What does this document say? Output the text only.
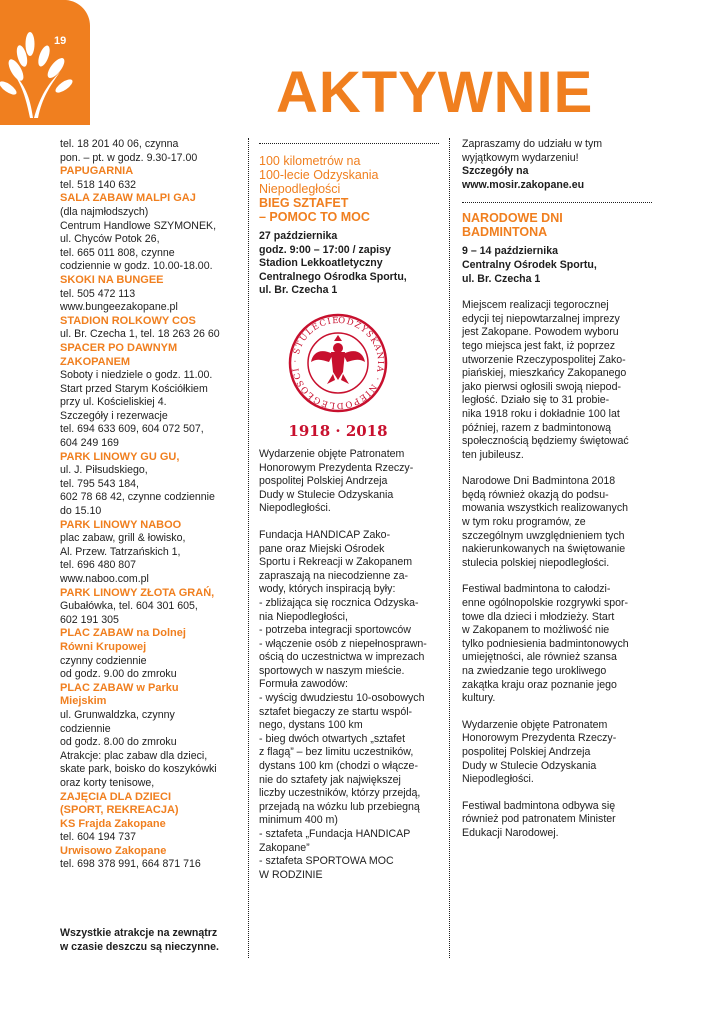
19
AKTYWNIE
tel. 18 201 40 06, czynna
pon. – pt. w godz. 9.30-17.00
PAPUGARNIA
tel. 518 140 632
SALA ZABAW MALPI GAJ
(dla najmłodszych)
Centrum Handlowe SZYMONEK,
ul. Chyców Potok 26,
tel. 665 011 808, czynne
codziennie w godz. 10.00-18.00.
SKOKI NA BUNGEE
tel. 505 472 113
www.bungeezakopane.pl
STADION ROLKOWY COS
ul. Br. Czecha 1, tel. 18 263 26 60
SPACER PO DAWNYM
ZAKOPANEM
Soboty i niedziele o godz. 11.00.
Start przed Starym Kościółkiem
przy ul. Kościeliskiej 4.
Szczegóły i rezerwacje
tel. 694 633 609, 604 072 507,
604 249 169
PARK LINOWY GU GU,
ul. J. Piłsudskiego,
tel. 795 543 184,
602 78 68 42, czynne codziennie
do 15.10
PARK LINOWY NABOO
plac zabaw, grill & łowisko,
Al. Przew. Tatrzańskich 1,
tel. 696 480 807
www.naboo.com.pl
PARK LINOWY ZŁOTA GRAŃ,
Gubałówka, tel. 604 301 605,
602 191 305
PLAC ZABAW na Dolnej
Równi Krupowej
czynny codziennie
od godz. 9.00 do zmroku
PLAC ZABAW w Parku
Miejskim
ul. Grunwaldzka, czynny
codziennie
od godz. 8.00 do zmroku
Atrakcje: plac zabaw dla dzieci,
skate park, boisko do koszykówki
oraz korty tenisowe,
ZAJĘCIA DLA DZIECI
(SPORT, REKREACJA)
KS Frajda Zakopane
tel. 604 194 737
Urwisowo Zakopane
tel. 698 378 991, 664 871 716
Wszystkie atrakcje na zewnątrz
w czasie deszczu są nieczynne.
100 kilometrów na
100-lecie Odzyskania
Niepodległości
BIEG SZTAFET
– POMOC TO MOC
27 października
godz. 9:00 – 17:00 / zapisy
Stadion Lekkoatletyczny
Centralnego Ośrodka Sportu,
ul. Br. Czecha 1
ODZYSKANIA · NIEPODLEGŁOŚCI · STULECIE
1918 · 2018
Wydarzenie objęte Patronatem
Honorowym Prezydenta Rzeczy-
pospolitej Polskiej Andrzeja
Dudy w Stulecie Odzyskania
Niepodległości.
Fundacja HANDICAP Zako-
pane oraz Miejski Ośrodek
Sportu i Rekreacji w Zakopanem
zapraszają na niecodzienne za-
wody, których inspiracją były:
- zbliżająca się rocznica Odzyska-
nia Niepodległości,
- potrzeba integracji sportowców
- włączenie osób z niepełnosprawn-
ością do uczestnictwa w imprezach
sportowych w naszym mieście.
Formuła zawodów:
- wyścig dwudziestu 10-osobowych
sztafet biegaczy ze startu wspól-
nego, dystans 100 km
- bieg dwóch otwartych „sztafet
z flagą” – bez limitu uczestników,
dystans 100 km (chodzi o włącze-
nie do sztafety jak największej
liczby uczestników, którzy przejdą,
przejadą na wózku lub przebiegną
minimum 400 m)
- sztafeta „Fundacja HANDICAP
Zakopane”
- sztafeta SPORTOWA MOC
W RODZINIE
Zapraszamy do udziału w tym
wyjątkowym wydarzeniu!
Szczegóły na
www.mosir.zakopane.eu
NARODOWE DNI
BADMINTONA
9 – 14 października
Centralny Ośrodek Sportu,
ul. Br. Czecha 1
Miejscem realizacji tegorocznej
edycji tej niepowtarzalnej imprezy
jest Zakopane. Powodem wyboru
tego miejsca jest fakt, iż poprzez
utworzenie Rzeczypospolitej Zako-
piańskiej, mieszkańcy Zakopanego
jako pierwsi ogłosili swoją niepod-
ległość. Działo się to 31 probie-
nika 1918 roku i dokładnie 100 lat
później, razem z badmintonową
społecznością będziemy świętować
ten jubileusz.
Narodowe Dni Badmintona 2018
będą również okazją do podsu-
mowania wszystkich realizowanych
w tym roku programów, ze
szczególnym uwzględnieniem tych
nakierunkowanych na świętowanie
stulecia polskiej niepodległości.
Festiwal badmintona to całodzi-
enne ogólnopolskie rozgrywki spor-
towe dla dzieci i młodzieży. Start
w Zakopanem to możliwość nie
tylko podniesienia badmintonowych
umiejętności, ale również szansa
na zwiedzanie tego urokliwego
zakątka kraju oraz poznanie jego
kultury.
Wydarzenie objęte Patronatem
Honorowym Prezydenta Rzeczy-
pospolitej Polskiej Andrzeja
Dudy w Stulecie Odzyskania
Niepodległości.
Festiwal badmintona odbywa się
również pod patronatem Minister
Edukacji Narodowej.
